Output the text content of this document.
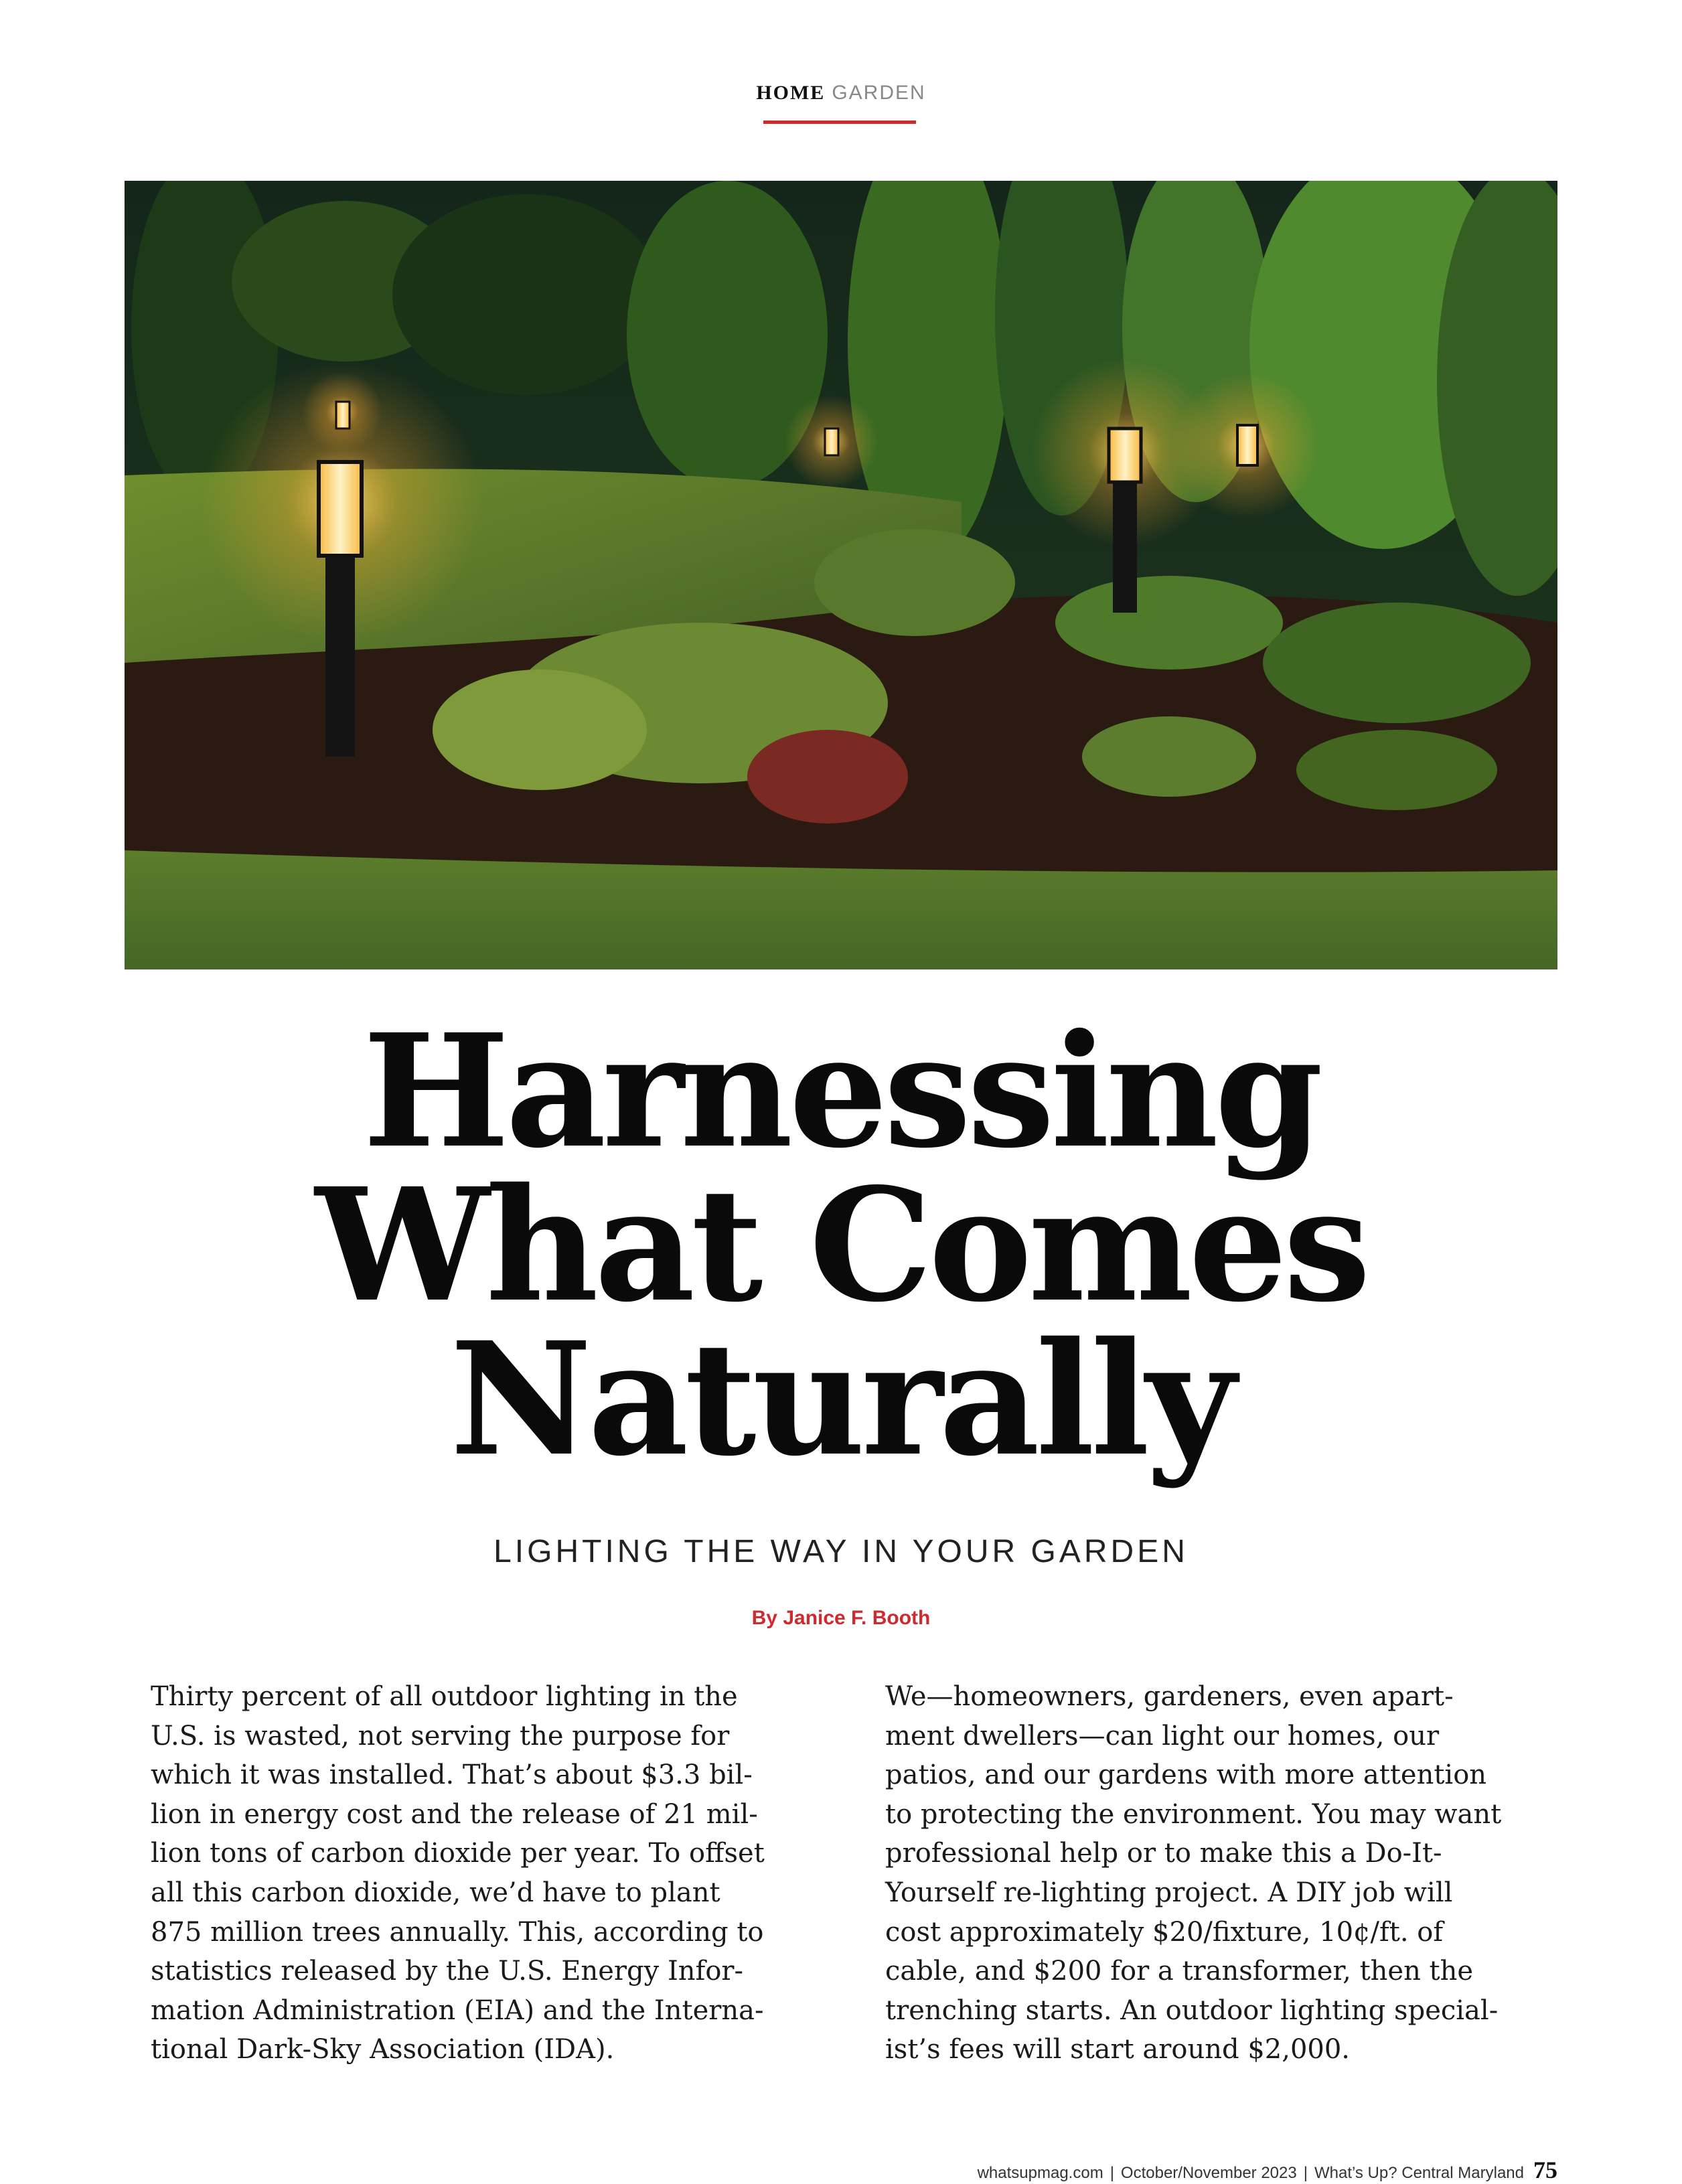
HOME GARDEN
Harnessing
What Comes
Naturally
LIGHTING THE WAY IN YOUR GARDEN
By Janice F. Booth

Thirty percent of all outdoor lighting in the
U.S. is wasted, not serving the purpose for
which it was installed. That’s about $3.3 bil-
lion in energy cost and the release of 21 mil-
lion tons of carbon dioxide per year. To offset
all this carbon dioxide, we’d have to plant
875 million trees annually. This, according to
statistics released by the U.S. Energy Infor-
mation Administration (EIA) and the Interna-
tional Dark-Sky Association (IDA).

We—homeowners, gardeners, even apart-
ment dwellers—can light our homes, our
patios, and our gardens with more attention
to protecting the environment. You may want
professional help or to make this a Do-It-
Yourself re-lighting project. A DIY job will
cost approximately $20/fixture, 10¢/ft. of
cable, and $200 for a transformer, then the
trenching starts. An outdoor lighting special-
ist’s fees will start around $2,000.

whatsupmag.com | October/November 2023 | What’s Up? Central Maryland 75
